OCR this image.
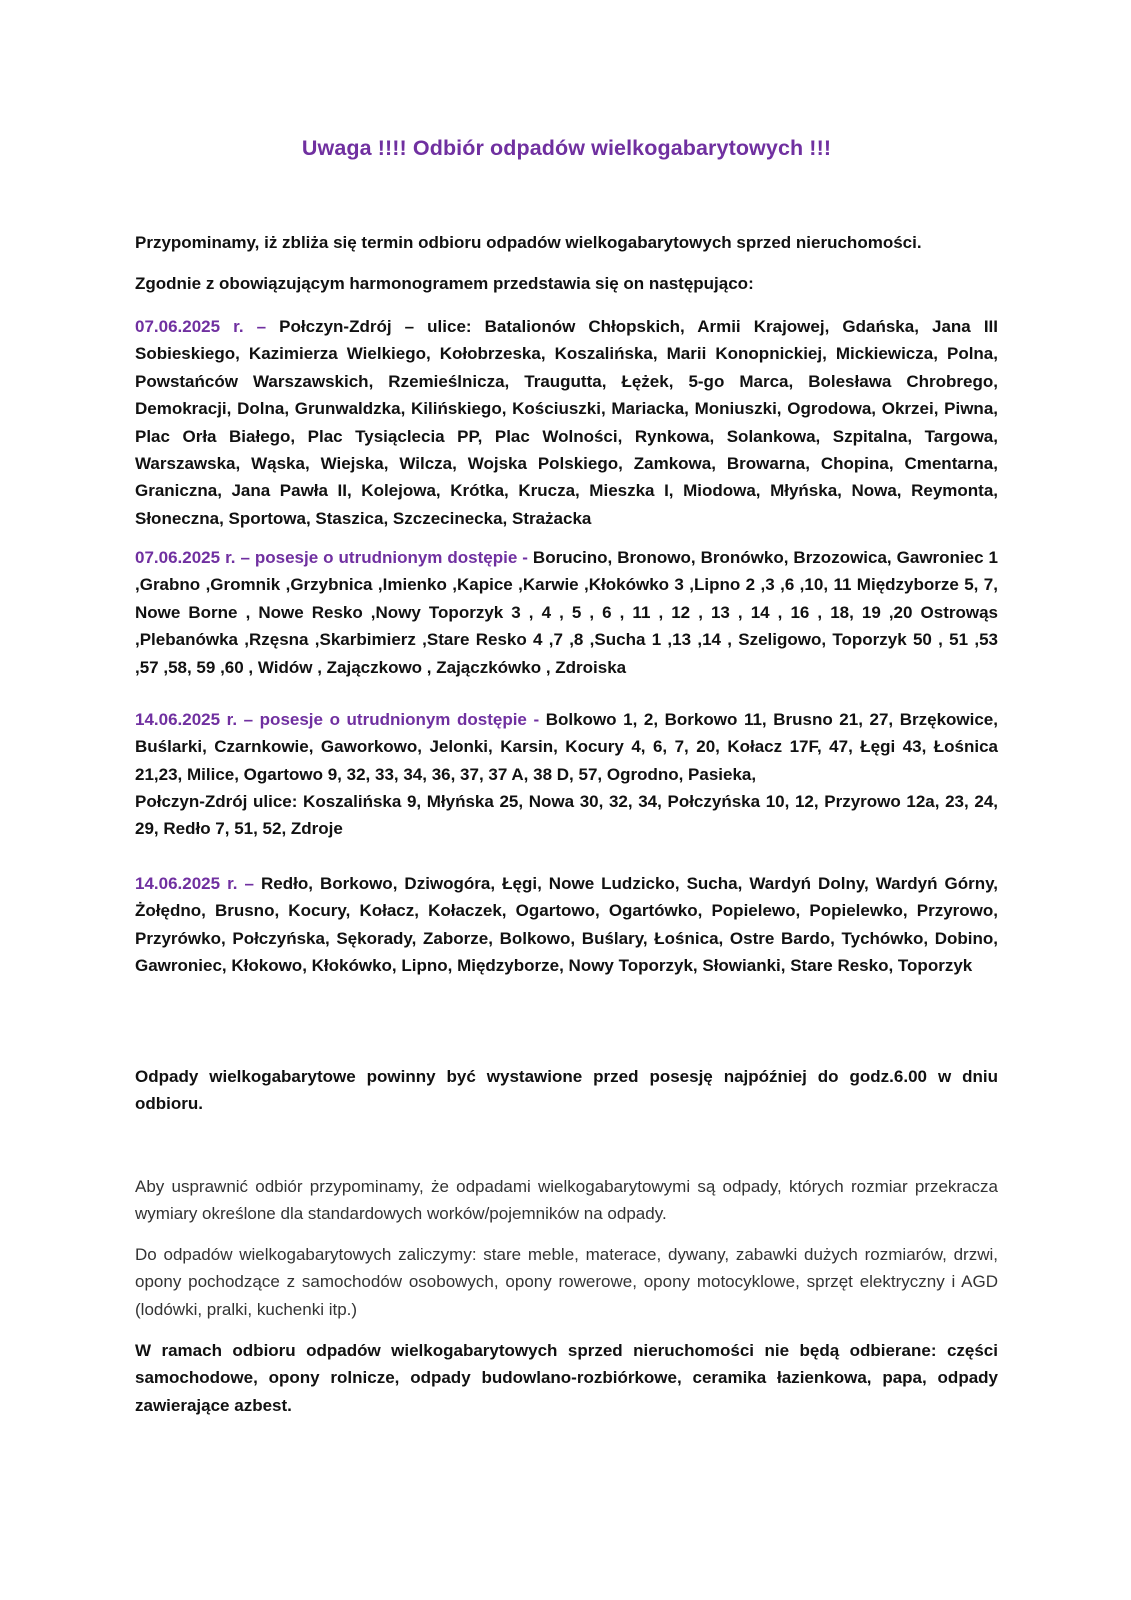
Uwaga !!!! Odbiór odpadów wielkogabarytowych !!!

Przypominamy, iż zbliża się termin odbioru odpadów wielkogabarytowych sprzed nieruchomości.

Zgodnie z obowiązującym harmonogramem przedstawia się on następująco:

07.06.2025 r. – Połczyn-Zdrój – ulice: Batalionów Chłopskich, Armii Krajowej, Gdańska, Jana III Sobieskiego, Kazimierza Wielkiego, Kołobrzeska, Koszalińska, Marii Konopnickiej, Mickiewicza, Polna, Powstańców Warszawskich, Rzemieślnicza, Traugutta, Łężek, 5-go Marca, Bolesława Chrobrego, Demokracji, Dolna, Grunwaldzka, Kilińskiego, Kościuszki, Mariacka, Moniuszki, Ogrodowa, Okrzei, Piwna, Plac Orła Białego, Plac Tysiąclecia PP, Plac Wolności, Rynkowa, Solankowa, Szpitalna, Targowa, Warszawska, Wąska, Wiejska, Wilcza, Wojska Polskiego, Zamkowa, Browarna, Chopina, Cmentarna, Graniczna, Jana Pawła II, Kolejowa, Krótka, Krucza, Mieszka I, Miodowa, Młyńska, Nowa, Reymonta, Słoneczna, Sportowa, Staszica, Szczecinecka, Strażacka

07.06.2025 r. – posesje o utrudnionym dostępie - Borucino, Bronowo, Bronówko, Brzozowica, Gawroniec 1 ,Grabno ,Gromnik ,Grzybnica ,Imienko ,Kapice ,Karwie ,Kłokówko 3 ,Lipno 2 ,3 ,6 ,10, 11 Międzyborze 5, 7, Nowe Borne , Nowe Resko ,Nowy Toporzyk 3 , 4 , 5 , 6 , 11 , 12 , 13 , 14 , 16 , 18, 19 ,20 Ostrowąs ,Plebanówka ,Rzęsna ,Skarbimierz ,Stare Resko 4 ,7 ,8 ,Sucha 1 ,13 ,14 , Szeligowo, Toporzyk 50 , 51 ,53 ,57 ,58, 59 ,60 , Widów , Zajączkowo , Zajączkówko , Zdroiska

14.06.2025 r. – posesje o utrudnionym dostępie - Bolkowo 1, 2, Borkowo 11, Brusno 21, 27, Brzękowice, Buślarki, Czarnkowie, Gaworkowo, Jelonki, Karsin, Kocury 4, 6, 7, 20, Kołacz 17F, 47, Łęgi 43, Łośnica 21,23, Milice, Ogartowo 9, 32, 33, 34, 36, 37, 37 A, 38 D, 57, Ogrodno, Pasieka,

Połczyn-Zdrój ulice: Koszalińska 9, Młyńska 25, Nowa 30, 32, 34, Połczyńska 10, 12, Przyrowo 12a, 23, 24, 29, Redło 7, 51, 52, Zdroje

14.06.2025 r. – Redło, Borkowo, Dziwogóra, Łęgi, Nowe Ludzicko, Sucha, Wardyń Dolny, Wardyń Górny, Żołędno, Brusno, Kocury, Kołacz, Kołaczek, Ogartowo, Ogartówko, Popielewo, Popielewko, Przyrowo, Przyrówko, Połczyńska, Sękorady, Zaborze, Bolkowo, Buślary, Łośnica, Ostre Bardo, Tychówko, Dobino, Gawroniec, Kłokowo, Kłokówko, Lipno, Międzyborze, Nowy Toporzyk, Słowianki, Stare Resko, Toporzyk

Odpady wielkogabarytowe powinny być wystawione przed posesję najpóźniej do godz.6.00 w dniu odbioru.

Aby usprawnić odbiór przypominamy, że odpadami wielkogabarytowymi są odpady, których rozmiar przekracza wymiary określone dla standardowych worków/pojemników na odpady.

Do odpadów wielkogabarytowych zaliczymy: stare meble, materace, dywany, zabawki dużych rozmiarów, drzwi, opony pochodzące z samochodów osobowych, opony rowerowe, opony motocyklowe, sprzęt elektryczny i AGD (lodówki, pralki, kuchenki itp.)

W ramach odbioru odpadów wielkogabarytowych sprzed nieruchomości nie będą odbierane: części samochodowe, opony rolnicze, odpady budowlano-rozbiórkowe, ceramika łazienkowa, papa, odpady zawierające azbest.
